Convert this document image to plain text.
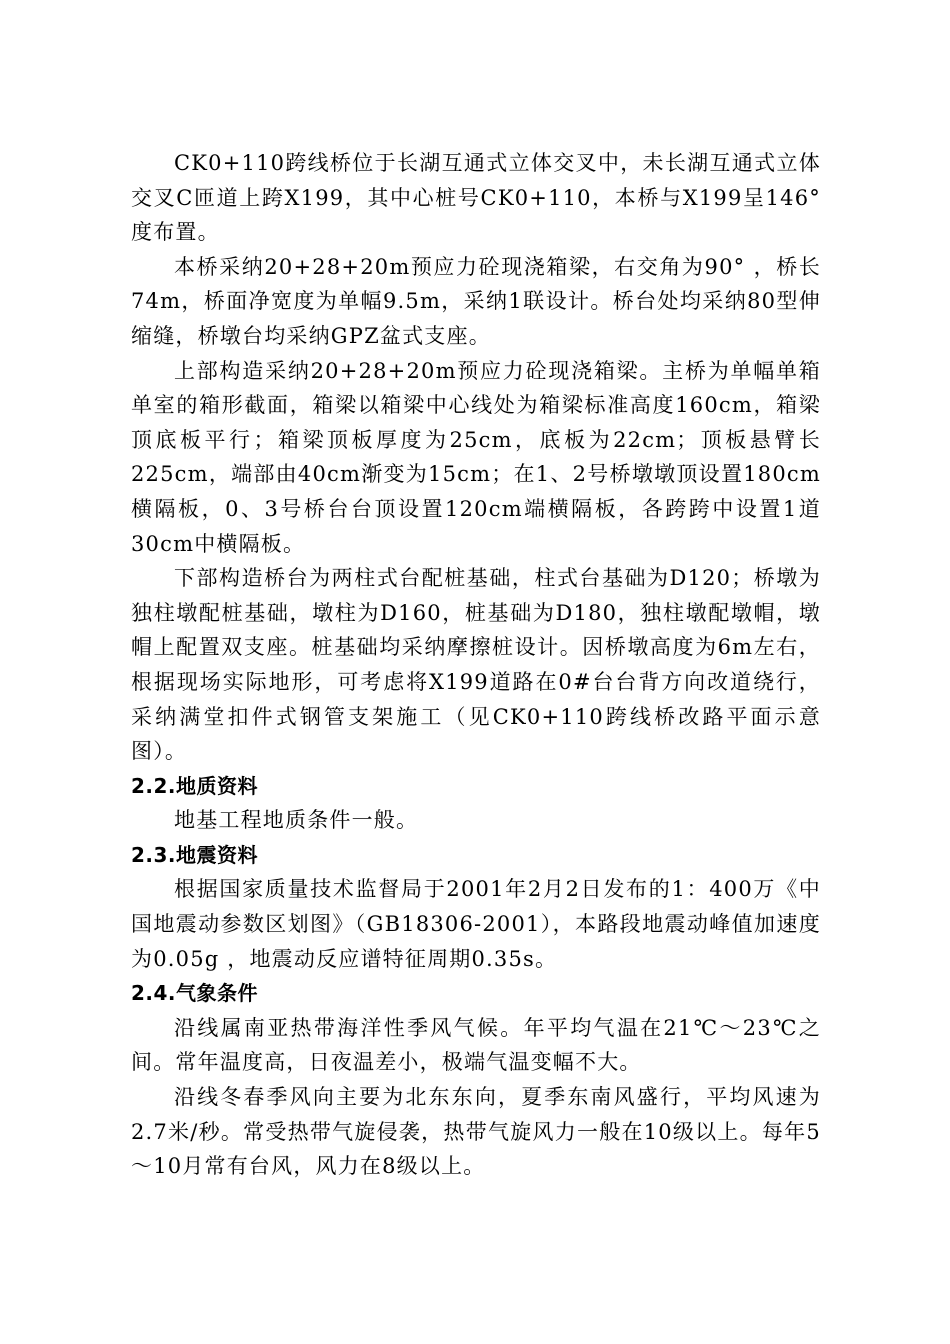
CK0+110跨线桥位于长湖互通式立体交叉中，未长湖互通式立体交叉C匝道上跨X199，其中心桩号CK0+110，本桥与X199呈146°度布置。

本桥采纳20+28+20m预应力砼现浇箱梁，右交角为90° ，桥长74m，桥面净宽度为单幅9.5m，采纳1联设计。桥台处均采纳80型伸缩缝，桥墩台均采纳GPZ盆式支座。

上部构造采纳20+28+20m预应力砼现浇箱梁。主桥为单幅单箱单室的箱形截面，箱梁以箱梁中心线处为箱梁标准高度160cm，箱梁顶底板平行；箱梁顶板厚度为25cm，底板为22cm；顶板悬臂长225cm，端部由40cm渐变为15cm；在1、2号桥墩墩顶设置180cm横隔板，0、3号桥台台顶设置120cm端横隔板，各跨跨中设置1道30cm中横隔板。

下部构造桥台为两柱式台配桩基础，柱式台基础为D120；桥墩为独柱墩配桩基础，墩柱为D160，桩基础为D180，独柱墩配墩帽，墩帽上配置双支座。桩基础均采纳摩擦桩设计。因桥墩高度为6m左右，根据现场实际地形，可考虑将X199道路在0#台台背方向改道绕行，采纳满堂扣件式钢管支架施工（见CK0+110跨线桥改路平面示意图）。

2.2.地质资料

地基工程地质条件一般。

2.3.地震资料

根据国家质量技术监督局于2001年2月2日发布的1：400万《中国地震动参数区划图》（GB18306-2001），本路段地震动峰值加速度为0.05g ，地震动反应谱特征周期0.35s。

2.4.气象条件

沿线属南亚热带海洋性季风气候。年平均气温在21℃～23℃之间。常年温度高，日夜温差小，极端气温变幅不大。

沿线冬春季风向主要为北东东向，夏季东南风盛行，平均风速为2.7米/秒。常受热带气旋侵袭，热带气旋风力一般在10级以上。每年5～10月常有台风，风力在8级以上。
